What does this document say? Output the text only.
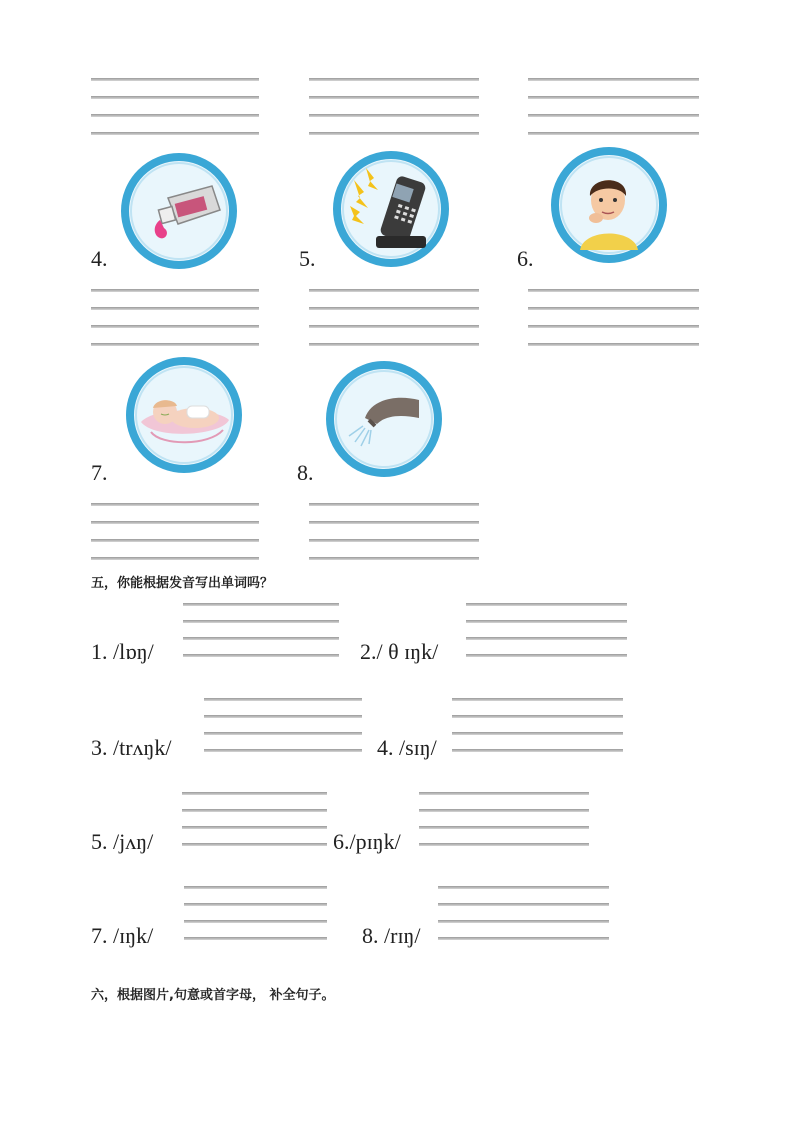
4.	5.	6.
7.	8.
五，你能根据发音写出单词吗？
1. /lɒŋ/	2./ θ ɪŋk/
3. /trʌŋk/	4. /sɪŋ/
5. /jʌŋ/	6./pɪŋk/
7. /ɪŋk/	8. /rɪŋ/
六，根据图片,句意或首字母， 补全句子。
